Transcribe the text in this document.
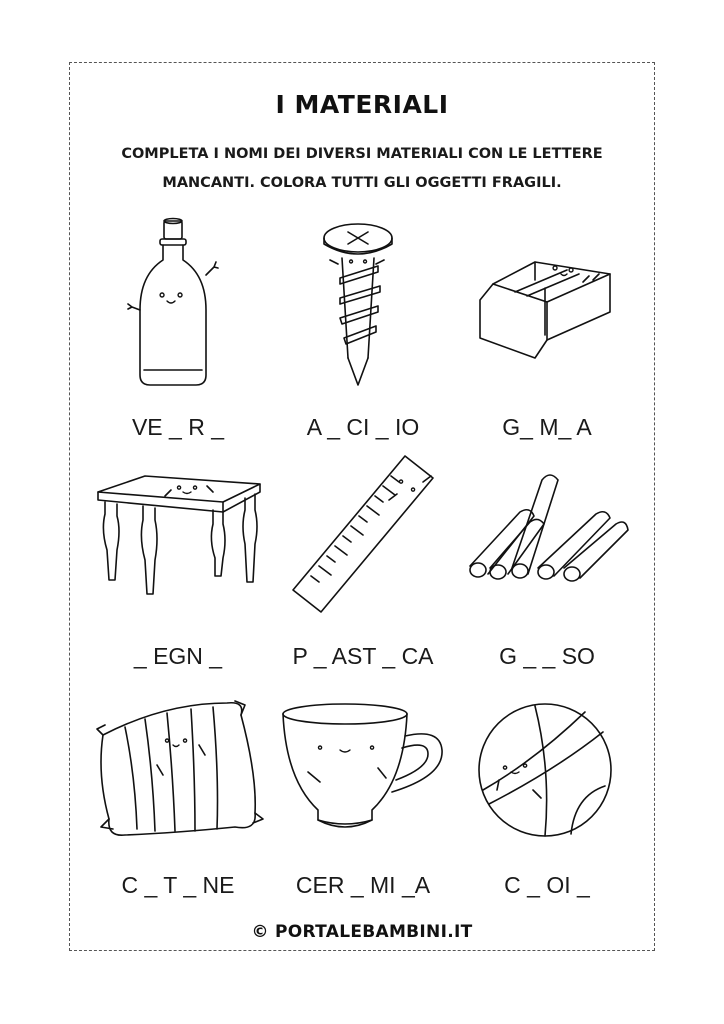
I MATERIALI
COMPLETA I NOMI DEI DIVERSI MATERIALI CON LE LETTERE
MANCANTI. COLORA TUTTI GLI OGGETTI FRAGILI.
VE _ R _	A _ CI _ IO	G_ M_ A
_ EGN _	P _ AST _ CA	G _ _ SO
C _ T _ NE	CER _ MI _A	C _ OI _
© PORTALEBAMBINI.IT
